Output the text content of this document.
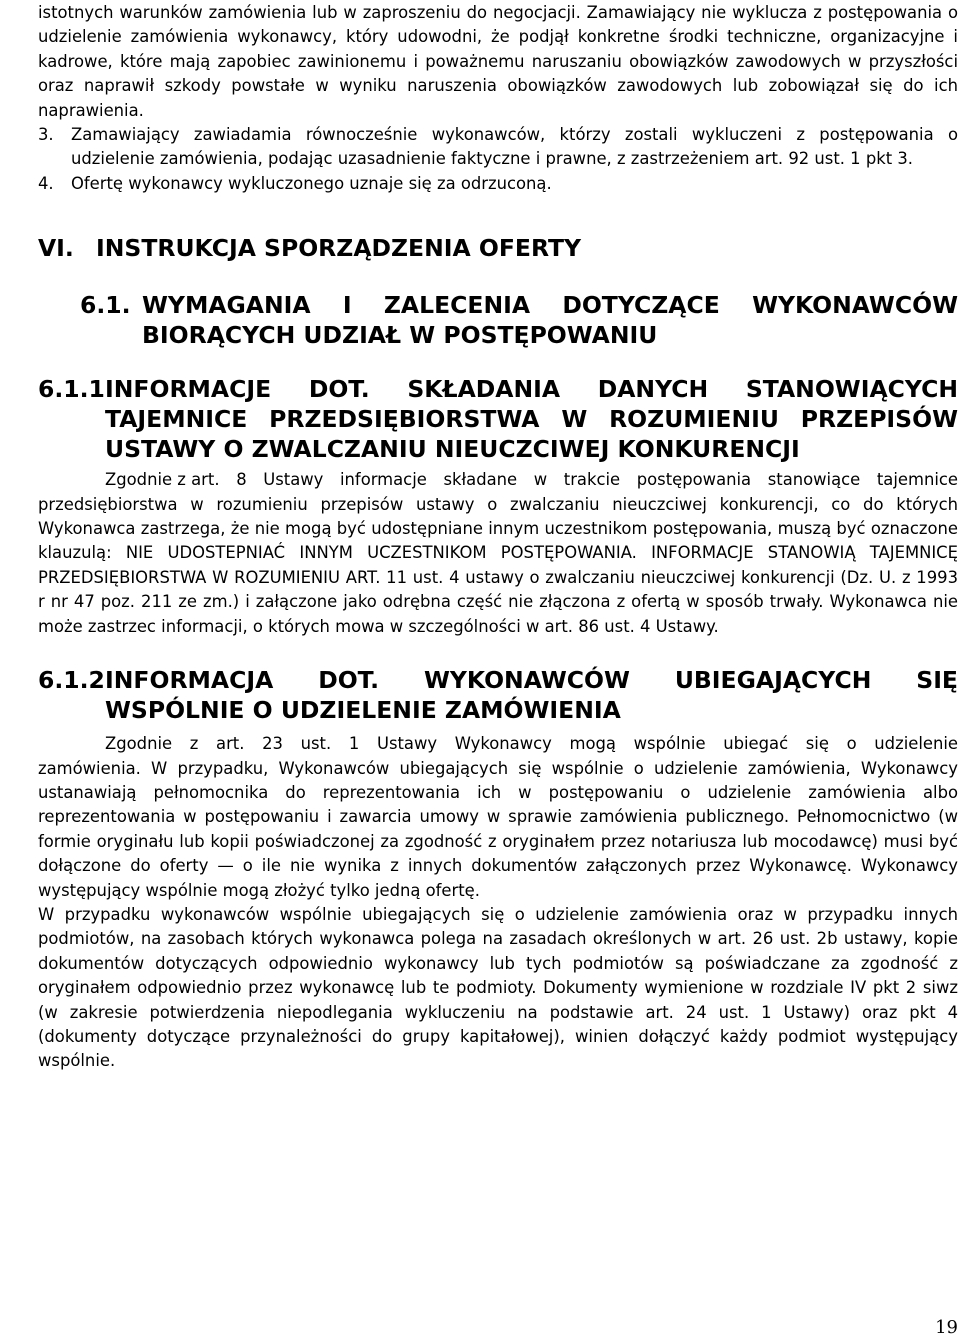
istotnych warunków zamówienia lub w zaproszeniu do negocjacji. Zamawiający nie wyklucza z postępowania o udzielenie zamówienia wykonawcy, który udowodni, że podjął konkretne środki techniczne, organizacyjne i kadrowe, które mają zapobiec zawinionemu i poważnemu naruszaniu obowiązków zawodowych w przyszłości oraz naprawił szkody powstałe w wyniku naruszenia obowiązków zawodowych lub zobowiązał się do ich naprawienia.

3.	Zamawiający zawiadamia równocześnie wykonawców, którzy zostali wykluczeni z postępowania o udzielenie zamówienia, podając uzasadnienie faktyczne i prawne, z zastrzeżeniem art. 92 ust. 1 pkt 3.
4.	Ofertę wykonawcy wykluczonego uznaje się za odrzuconą.
VI. INSTRUKCJA SPORZĄDZENIA OFERTY
6.1. WYMAGANIA I ZALECENIA DOTYCZĄCE WYKONAWCÓW BIORĄCYCH UDZIAŁ W POSTĘPOWANIU
6.1.1 INFORMACJE DOT. SKŁADANIA DANYCH STANOWIĄCYCH TAJEMNICE PRZEDSIĘBIORSTWA W ROZUMIENIU PRZEPISÓW USTAWY O ZWALCZANIU NIEUCZCIWEJ KONKURENCJI

Zgodnie z art. 8 Ustawy informacje składane w trakcie postępowania stanowiące tajemnice przedsiębiorstwa w rozumieniu przepisów ustawy o zwalczaniu nieuczciwej konkurencji, co do których Wykonawca zastrzega, że nie mogą być udostępniane innym uczestnikom postępowania, muszą być oznaczone klauzulą: NIE UDOSTEPNIAĆ INNYM UCZESTNIKOM POSTĘPOWANIA. INFORMACJE STANOWIĄ TAJEMNICĘ PRZEDSIĘBIORSTWA W ROZUMIENIU ART. 11 ust. 4 ustawy o zwalczaniu nieuczciwej konkurencji (Dz. U. z 1993 r nr 47 poz. 211 ze zm.) i załączone jako odrębna część nie złączona z ofertą w sposób trwały. Wykonawca nie może zastrzec informacji, o których mowa w szczególności w art. 86 ust. 4 Ustawy.

6.1.2 INFORMACJA DOT. WYKONAWCÓW UBIEGAJĄCYCH SIĘ WSPÓLNIE O UDZIELENIE ZAMÓWIENIA

Zgodnie z art. 23 ust. 1 Ustawy Wykonawcy mogą wspólnie ubiegać się o udzielenie
zamówienia. W przypadku, Wykonawców ubiegających się wspólnie o udzielenie zamówienia, Wykonawcy ustanawiają pełnomocnika do reprezentowania ich w postępowaniu o udzielenie zamówienia albo reprezentowania w postępowaniu i zawarcia umowy w sprawie zamówienia publicznego. Pełnomocnictwo (w formie oryginału lub kopii poświadczonej za zgodność z oryginałem przez notariusza lub mocodawcę) musi być dołączone do oferty — o ile nie wynika z innych dokumentów załączonych przez Wykonawcę. Wykonawcy występujący wspólnie mogą złożyć tylko jedną ofertę.

W przypadku wykonawców wspólnie ubiegających się o udzielenie zamówienia oraz w przypadku innych podmiotów, na zasobach których wykonawca polega na zasadach określonych w art. 26 ust. 2b ustawy, kopie dokumentów dotyczących odpowiednio wykonawcy lub tych podmiotów są poświadczane za zgodność z oryginałem odpowiednio przez wykonawcę lub te podmioty. Dokumenty wymienione w rozdziale IV pkt 2 siwz (w zakresie potwierdzenia niepodlegania wykluczeniu na podstawie art. 24 ust. 1 Ustawy) oraz pkt 4 (dokumenty dotyczące przynależności do grupy kapitałowej), winien dołączyć każdy podmiot występujący wspólnie.

19
